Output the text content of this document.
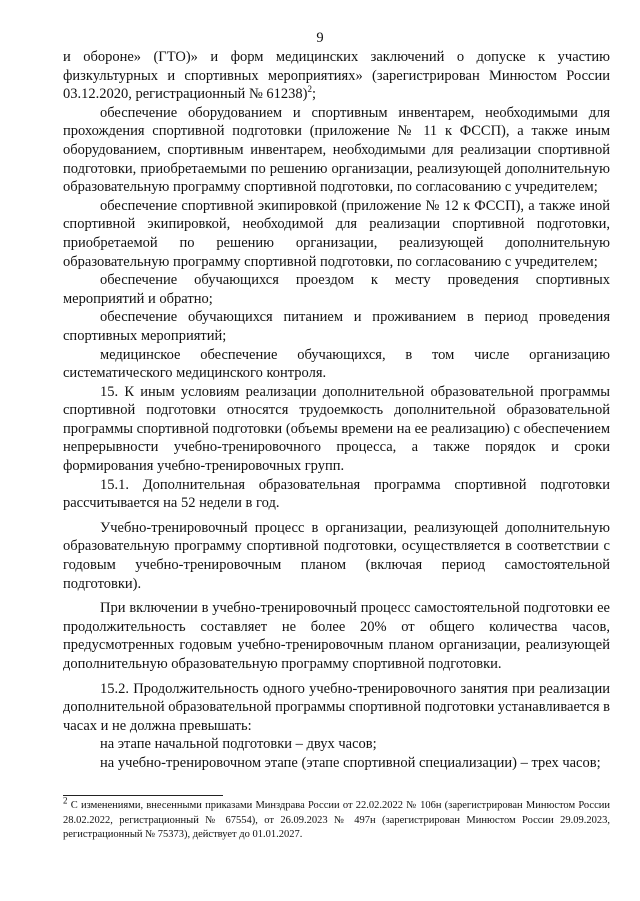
9

и обороне» (ГТО)» и форм медицинских заключений о допуске к участию физкультурных и спортивных мероприятиях» (зарегистрирован Минюстом России 03.12.2020, регистрационный № 61238)$^2$;

обеспечение оборудованием и спортивным инвентарем, необходимыми для прохождения спортивной подготовки (приложение № 11 к ФССП), а также иным оборудованием, спортивным инвентарем, необходимыми для реализации спортивной подготовки, приобретаемыми по решению организации, реализующей дополнительную образовательную программу спортивной подготовки, по согласованию с учредителем;

обеспечение спортивной экипировкой (приложение № 12 к ФССП), а также иной спортивной экипировкой, необходимой для реализации спортивной подготовки, приобретаемой по решению организации, реализующей дополнительную образовательную программу спортивной подготовки, по согласованию с учредителем;

обеспечение обучающихся проездом к месту проведения спортивных мероприятий и обратно;

обеспечение обучающихся питанием и проживанием в период проведения спортивных мероприятий;

медицинское обеспечение обучающихся, в том числе организацию систематического медицинского контроля.

15. К иным условиям реализации дополнительной образовательной программы спортивной подготовки относятся трудоемкость дополнительной образовательной программы спортивной подготовки (объемы времени на ее реализацию) с обеспечением непрерывности учебно-тренировочного процесса, а также порядок и сроки формирования учебно-тренировочных групп.

15.1. Дополнительная образовательная программа спортивной подготовки рассчитывается на 52 недели в год.

Учебно-тренировочный процесс в организации, реализующей дополнительную образовательную программу спортивной подготовки, осуществляется в соответствии с годовым учебно-тренировочным планом (включая период самостоятельной подготовки).

При включении в учебно-тренировочный процесс самостоятельной подготовки ее продолжительность составляет не более 20% от общего количества часов, предусмотренных годовым учебно-тренировочным планом организации, реализующей дополнительную образовательную программу спортивной подготовки.

15.2. Продолжительность одного учебно-тренировочного занятия при реализации дополнительной образовательной программы спортивной подготовки устанавливается в часах и не должна превышать:

на этапе начальной подготовки – двух часов;

на учебно-тренировочном этапе (этапе спортивной специализации) – трех часов;

$^2$ С изменениями, внесенными приказами Минздрава России от 22.02.2022 № 106н (зарегистрирован Минюстом России 28.02.2022, регистрационный № 67554), от 26.09.2023 № 497н (зарегистрирован Минюстом России 29.09.2023, регистрационный № 75373), действует до 01.01.2027.
